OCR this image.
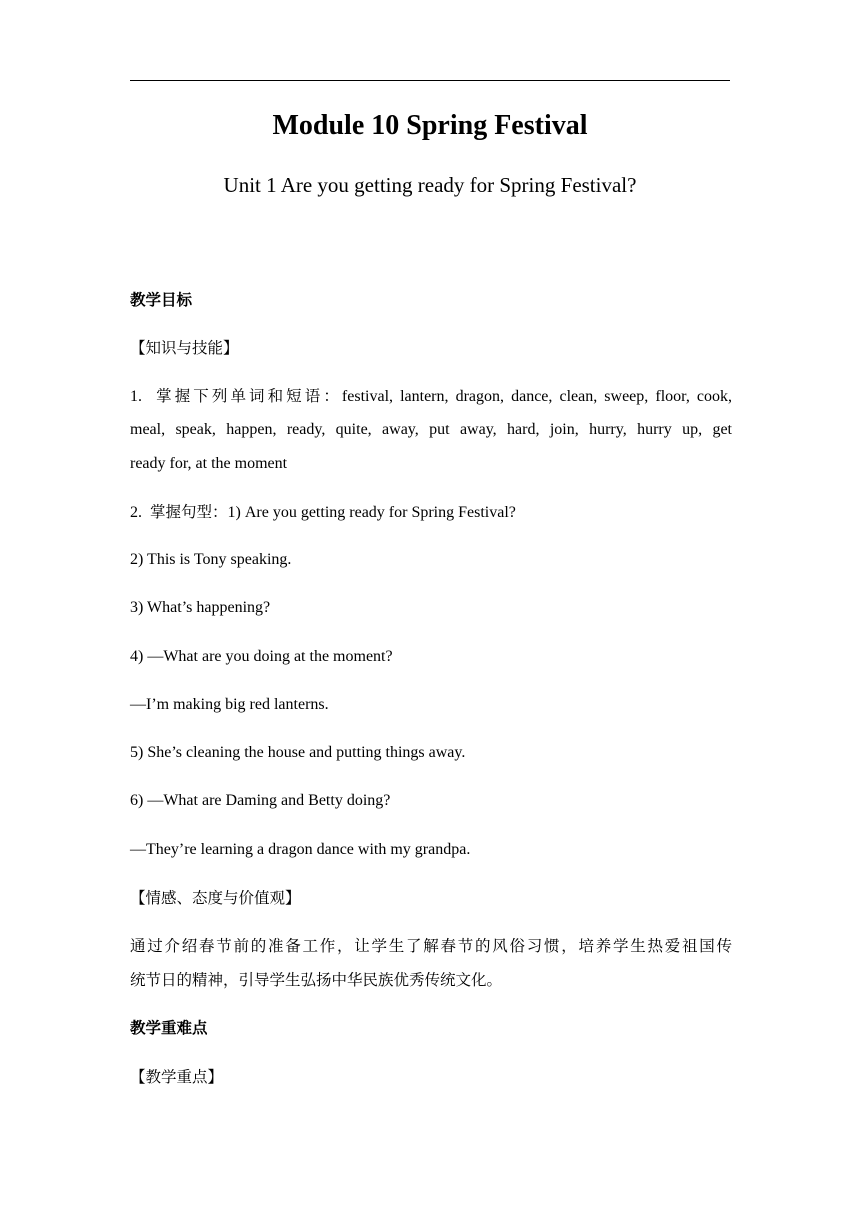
Module 10 Spring Festival
Unit 1 Are you getting ready for Spring Festival?
教学目标
【知识与技能】
1. 掌握下列单词和短语：festival, lantern, dragon, dance, clean, sweep, floor, cook,
meal, speak, happen, ready, quite, away, put away, hard, join, hurry, hurry up, get
ready for, at the moment
2. 掌握句型：1) Are you getting ready for Spring Festival?
2) This is Tony speaking.
3) What’s happening?
4) —What are you doing at the moment?
—I’m making big red lanterns.
5) She’s cleaning the house and putting things away.
6) —What are Daming and Betty doing?
—They’re learning a dragon dance with my grandpa.
【情感、态度与价值观】
通过介绍春节前的准备工作，让学生了解春节的风俗习惯，培养学生热爱祖国传
统节日的精神，引导学生弘扬中华民族优秀传统文化。
教学重难点
【教学重点】
